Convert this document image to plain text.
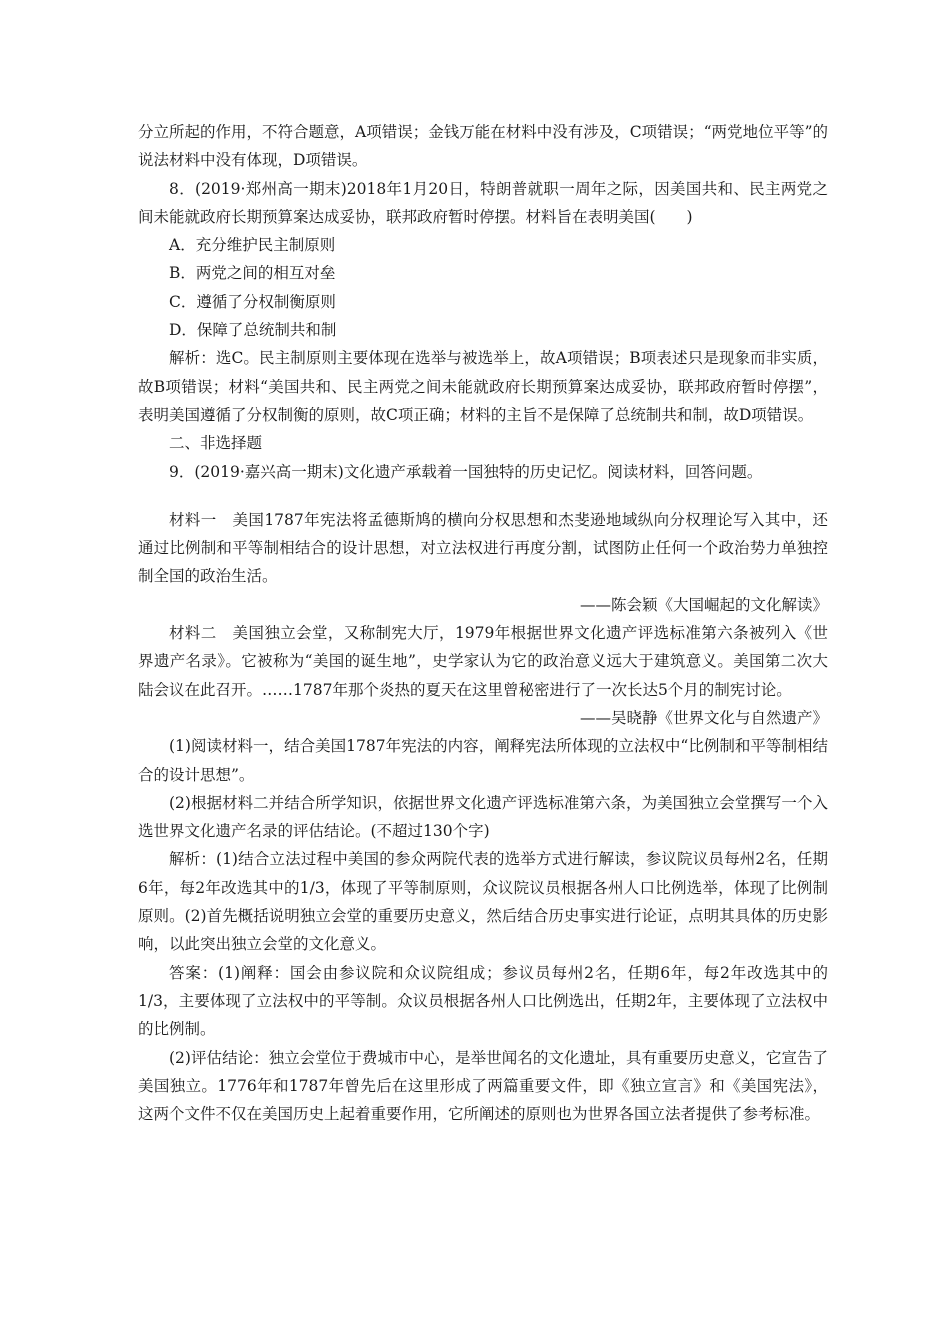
分立所起的作用，不符合题意，A项错误；金钱万能在材料中没有涉及，C项错误；“两党地位平等”的说法材料中没有体现，D项错误。

8．(2019·郑州高一期末)2018年1月20日，特朗普就职一周年之际，因美国共和、民主两党之间未能就政府长期预算案达成妥协，联邦政府暂时停摆。材料旨在表明美国(　　)

A．充分维护民主制原则

B．两党之间的相互对垒

C．遵循了分权制衡原则

D．保障了总统制共和制

解析：选C。民主制原则主要体现在选举与被选举上，故A项错误；B项表述只是现象而非实质，故B项错误；材料“美国共和、民主两党之间未能就政府长期预算案达成妥协，联邦政府暂时停摆”，表明美国遵循了分权制衡的原则，故C项正确；材料的主旨不是保障了总统制共和制，故D项错误。

二、非选择题

9．(2019·嘉兴高一期末)文化遗产承载着一国独特的历史记忆。阅读材料，回答问题。

材料一　美国1787年宪法将孟德斯鸠的横向分权思想和杰斐逊地域纵向分权理论写入其中，还通过比例制和平等制相结合的设计思想，对立法权进行再度分割，试图防止任何一个政治势力单独控制全国的政治生活。

——陈会颖《大国崛起的文化解读》

材料二　美国独立会堂，又称制宪大厅，1979年根据世界文化遗产评选标准第六条被列入《世界遗产名录》。它被称为“美国的诞生地”，史学家认为它的政治意义远大于建筑意义。美国第二次大陆会议在此召开。……1787年那个炎热的夏天在这里曾秘密进行了一次长达5个月的制宪讨论。

——吴晓静《世界文化与自然遗产》

(1)阅读材料一，结合美国1787年宪法的内容，阐释宪法所体现的立法权中“比例制和平等制相结合的设计思想”。

(2)根据材料二并结合所学知识，依据世界文化遗产评选标准第六条，为美国独立会堂撰写一个入选世界文化遗产名录的评估结论。(不超过130个字)

解析：(1)结合立法过程中美国的参众两院代表的选举方式进行解读，参议院议员每州2名，任期6年，每2年改选其中的1/3，体现了平等制原则，众议院议员根据各州人口比例选举，体现了比例制原则。(2)首先概括说明独立会堂的重要历史意义，然后结合历史事实进行论证，点明其具体的历史影响，以此突出独立会堂的文化意义。

答案：(1)阐释：国会由参议院和众议院组成；参议员每州2名，任期6年，每2年改选其中的1/3，主要体现了立法权中的平等制。众议员根据各州人口比例选出，任期2年，主要体现了立法权中的比例制。

(2)评估结论：独立会堂位于费城市中心，是举世闻名的文化遗址，具有重要历史意义，它宣告了美国独立。1776年和1787年曾先后在这里形成了两篇重要文件，即《独立宣言》和《美国宪法》，这两个文件不仅在美国历史上起着重要作用，它所阐述的原则也为世界各国立法者提供了参考标准。
